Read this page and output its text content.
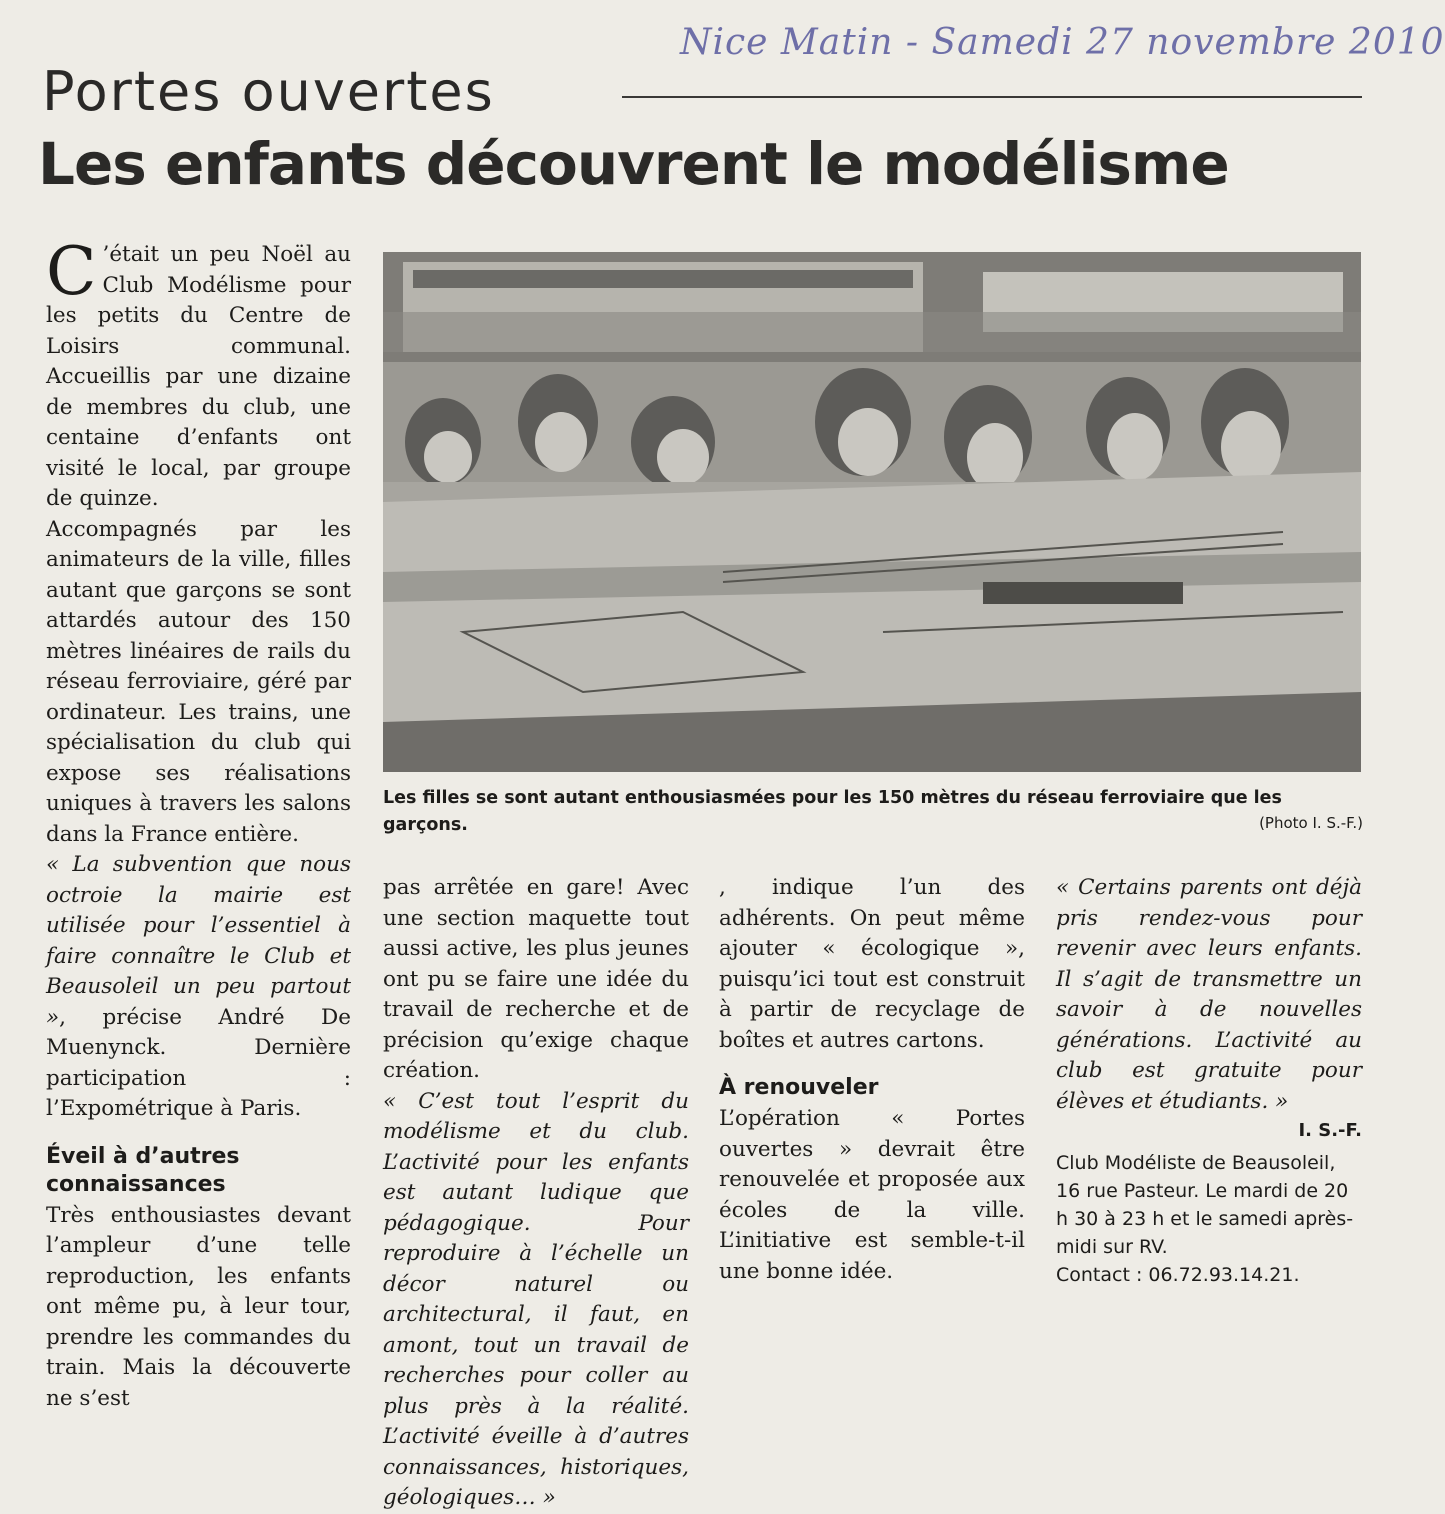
Nice Matin - Samedi 27 novembre 2010
Portes ouvertes
Les enfants découvrent le modélisme
Les filles se sont autant enthousiasmées pour les 150 mètres du réseau ferroviaire que les garçons.	(Photo I. S.-F.)

C ’était un peu Noël au Club Modélisme pour les petits du Centre de Loisirs communal. Accueillis par une dizaine de membres du club, une centaine d’enfants ont visité le local, par groupe de quinze.

Accompagnés par les animateurs de la ville, filles autant que garçons se sont attardés autour des 150 mètres linéaires de rails du réseau ferroviaire, géré par ordinateur. Les trains, une spécialisation du club qui expose ses réalisations uniques à travers les salons dans la France entière.

« La subvention que nous octroie la mairie est utilisée pour l’essentiel à faire connaître le Club et Beausoleil un peu partout », précise André De Muenynck. Dernière participation : l’Expométrique à Paris.

Éveil à d’autres connaissances

Très enthousiastes devant l’ampleur d’une telle reproduction, les enfants ont même pu, à leur tour, prendre les commandes du train. Mais la découverte ne s’est

pas arrêtée en gare! Avec une section maquette tout aussi active, les plus jeunes ont pu se faire une idée du travail de recherche et de précision qu’exige chaque création.

« C’est tout l’esprit du modélisme et du club. L’activité pour les enfants est autant ludique que pédagogique. Pour reproduire à l’échelle un décor naturel ou architectural, il faut, en amont, tout un travail de recherches pour coller au plus près à la réalité. L’activité éveille à d’autres connaissances, historiques, géologiques… »

, indique l’un des adhérents. On peut même ajouter « écologique », puisqu’ici tout est construit à partir de recyclage de boîtes et autres cartons.

À renouveler

L’opération « Portes ouvertes » devrait être renouvelée et proposée aux écoles de la ville. L’initiative est semble-t-il une bonne idée.

« Certains parents ont déjà pris rendez-vous pour revenir avec leurs enfants. Il s’agit de transmettre un savoir à de nouvelles générations. L’activité au club est gratuite pour élèves et étudiants. »

I. S.-F.

Club Modéliste de Beausoleil, 16 rue Pasteur. Le mardi de 20 h 30 à 23 h et le samedi après-midi sur RV.

Contact : 06.72.93.14.21.
